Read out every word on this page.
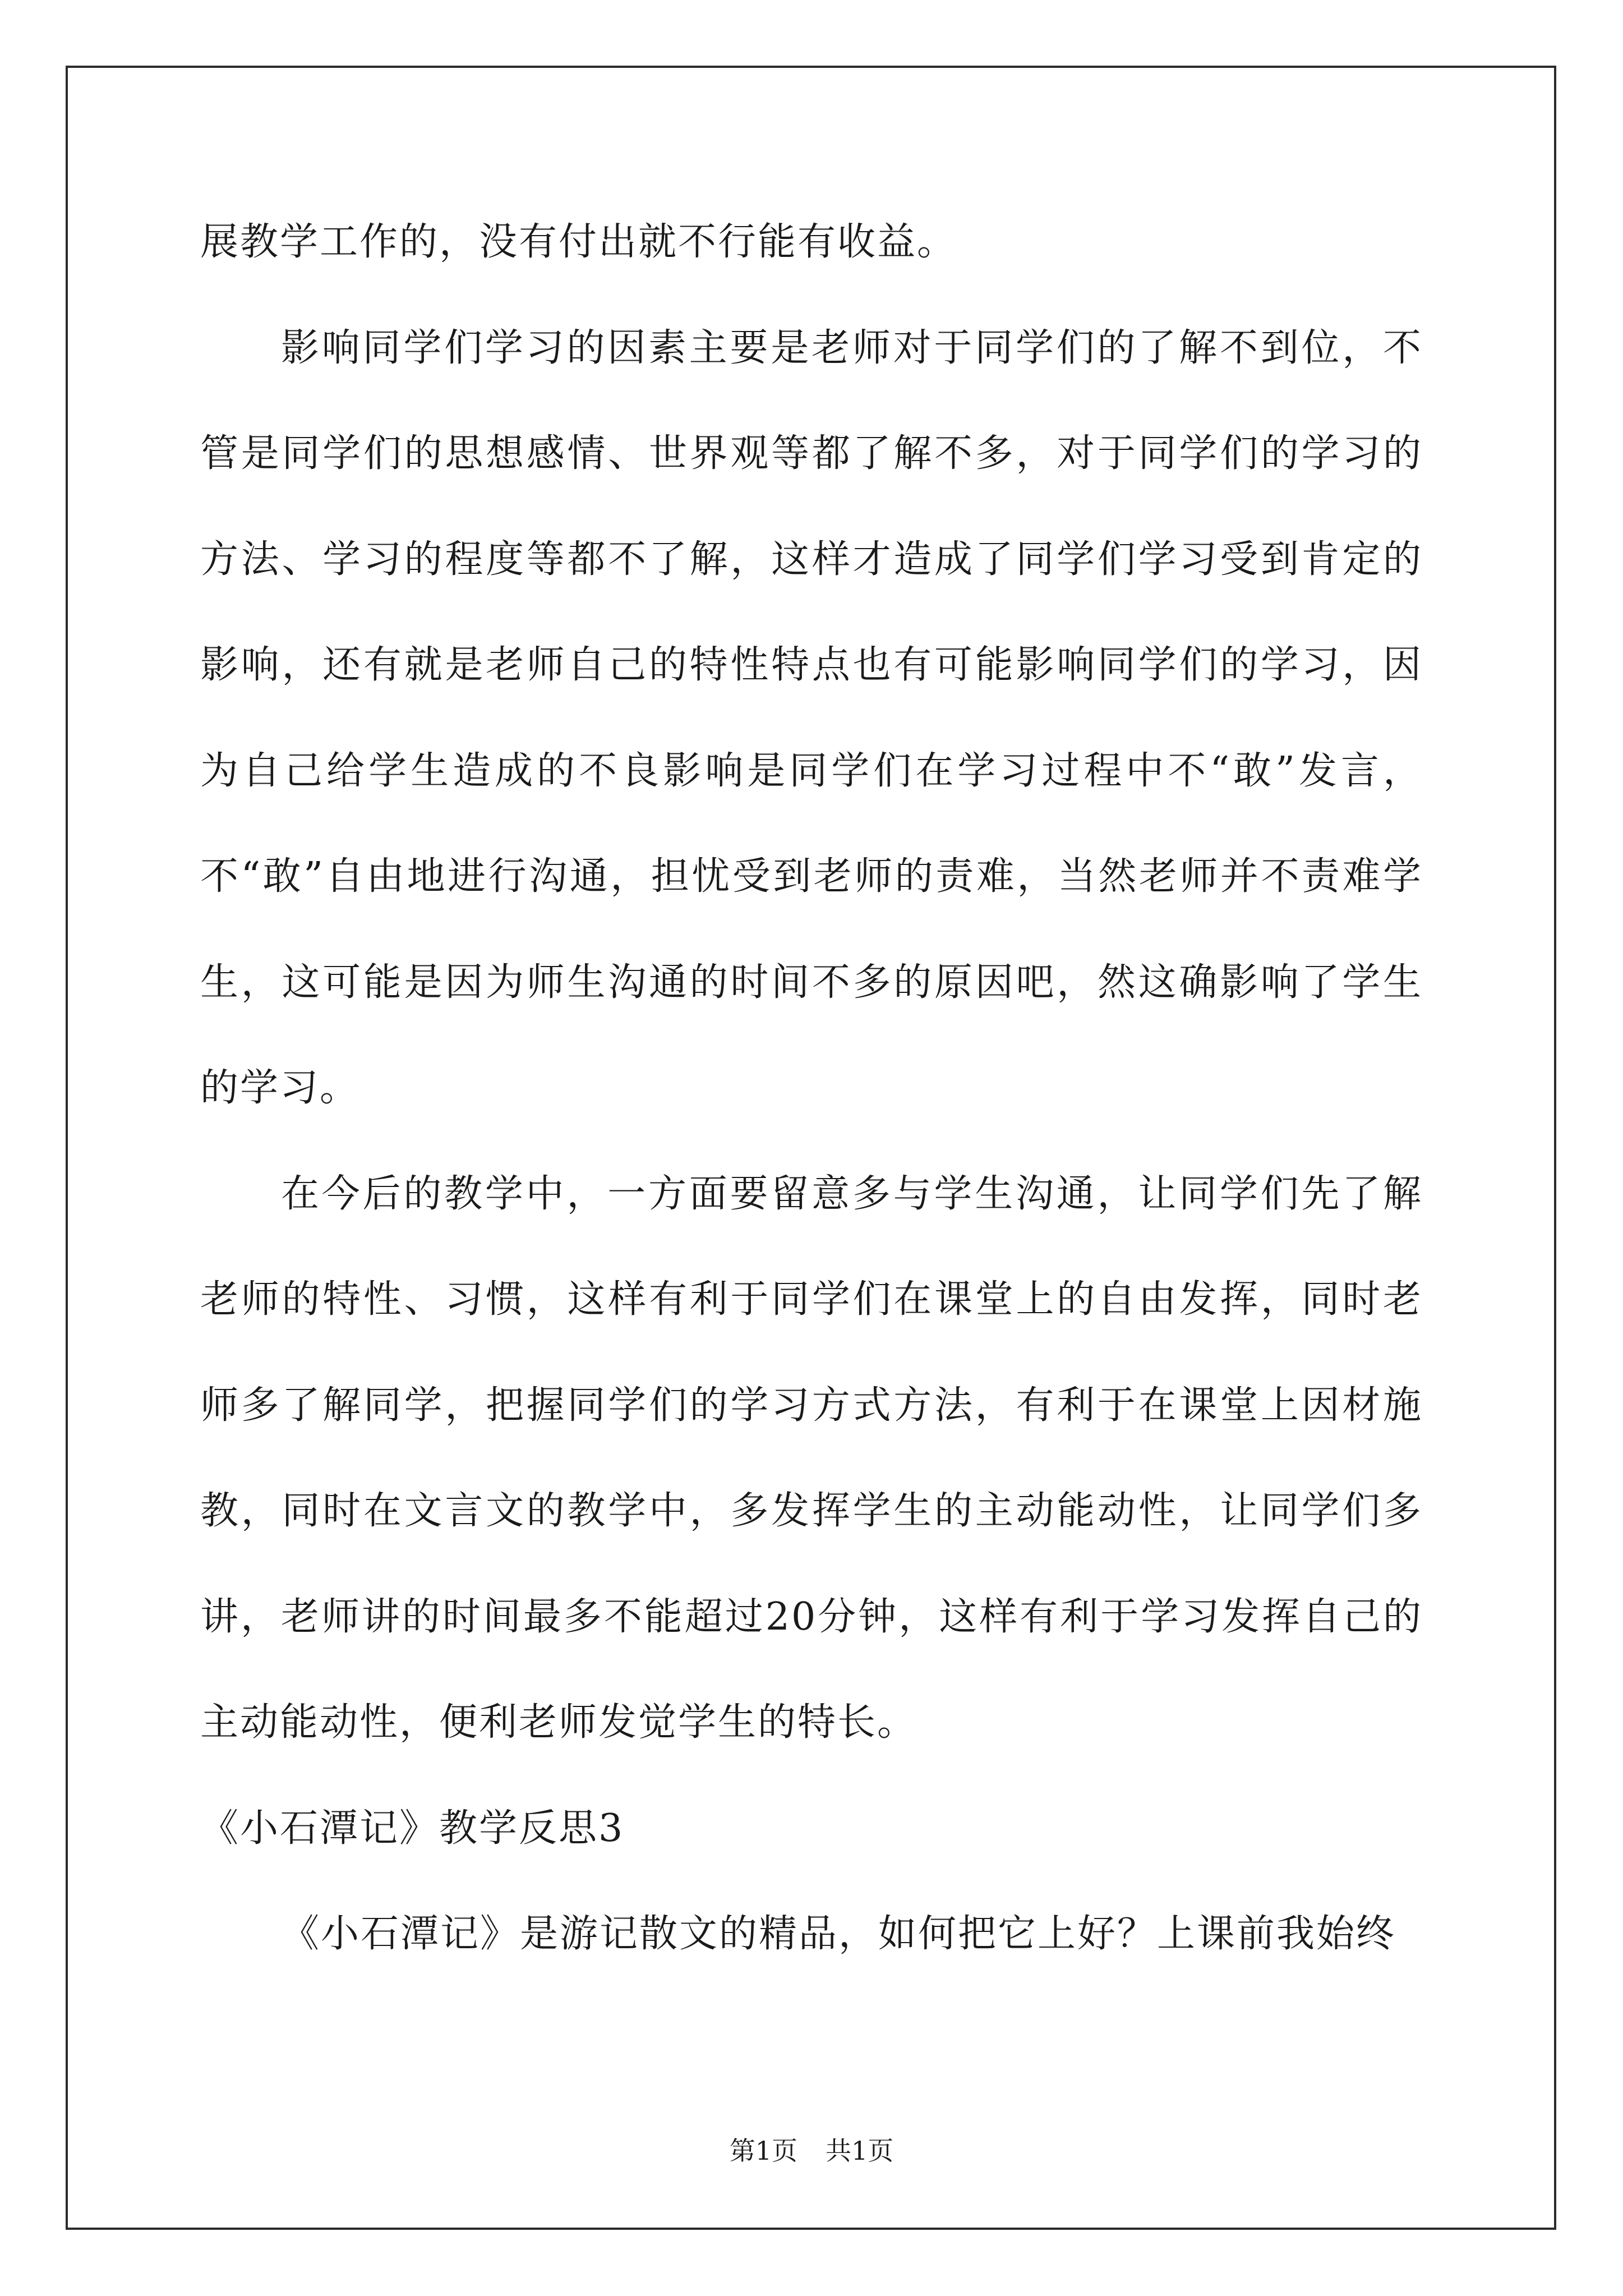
展教学工作的，没有付出就不行能有收益。

影响同学们学习的因素主要是老师对于同学们的了解不到位，不管是同学们的思想感情、世界观等都了解不多，对于同学们的学习的方法、学习的程度等都不了解，这样才造成了同学们学习受到肯定的影响，还有就是老师自己的特性特点也有可能影响同学们的学习，因为自己给学生造成的不良影响是同学们在学习过程中不“敢”发言，不“敢”自由地进行沟通，担忧受到老师的责难，当然老师并不责难学生，这可能是因为师生沟通的时间不多的原因吧，然这确影响了学生的学习。

在今后的教学中，一方面要留意多与学生沟通，让同学们先了解老师的特性、习惯，这样有利于同学们在课堂上的自由发挥，同时老师多了解同学，把握同学们的学习方式方法，有利于在课堂上因材施教，同时在文言文的教学中，多发挥学生的主动能动性，让同学们多讲，老师讲的时间最多不能超过20分钟，这样有利于学习发挥自己的主动能动性，便利老师发觉学生的特长。

《小石潭记》教学反思3

《小石潭记》是游记散文的精品，如何把它上好？上课前我始终

第1页 共1页
